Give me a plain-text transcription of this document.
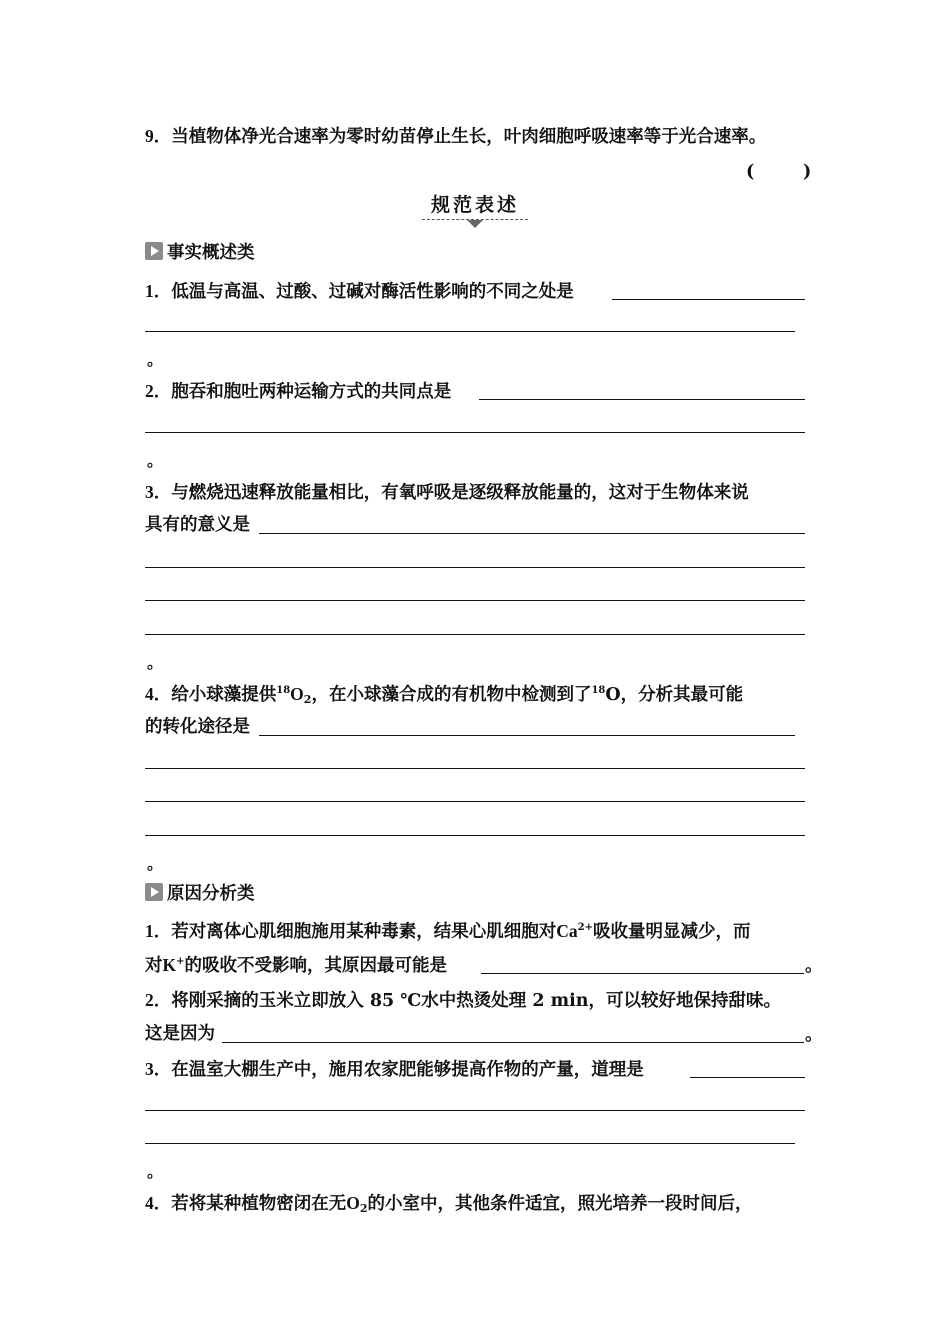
9．当植物体净光合速率为零时幼苗停止生长，叶肉细胞呼吸速率等于光合速率。
(        )
规范表述
事实概述类
1．低温与高温、过酸、过碱对酶活性影响的不同之处是
。
2．胞吞和胞吐两种运输方式的共同点是
。
3．与燃烧迅速释放能量相比，有氧呼吸是逐级释放能量的，这对于生物体来说
具有的意义是
。
4．给小球藻提供$^{18}O_2$，在小球藻合成的有机物中检测到了$^{18}$O，分析其最可能
的转化途径是
。
原因分析类
1．若对离体心肌细胞施用某种毒素，结果心肌细胞对$Ca^{2+}$吸收量明显减少，而
对K+的吸收不受影响，其原因最可能是	。
2．将刚采摘的玉米立即放入 85 ℃水中热烫处理 2 min，可以较好地保持甜味。
这是因为	。
3．在温室大棚生产中，施用农家肥能够提高作物的产量，道理是
。
4．若将某种植物密闭在无$O_2$的小室中，其他条件适宜，照光培养一段时间后，
